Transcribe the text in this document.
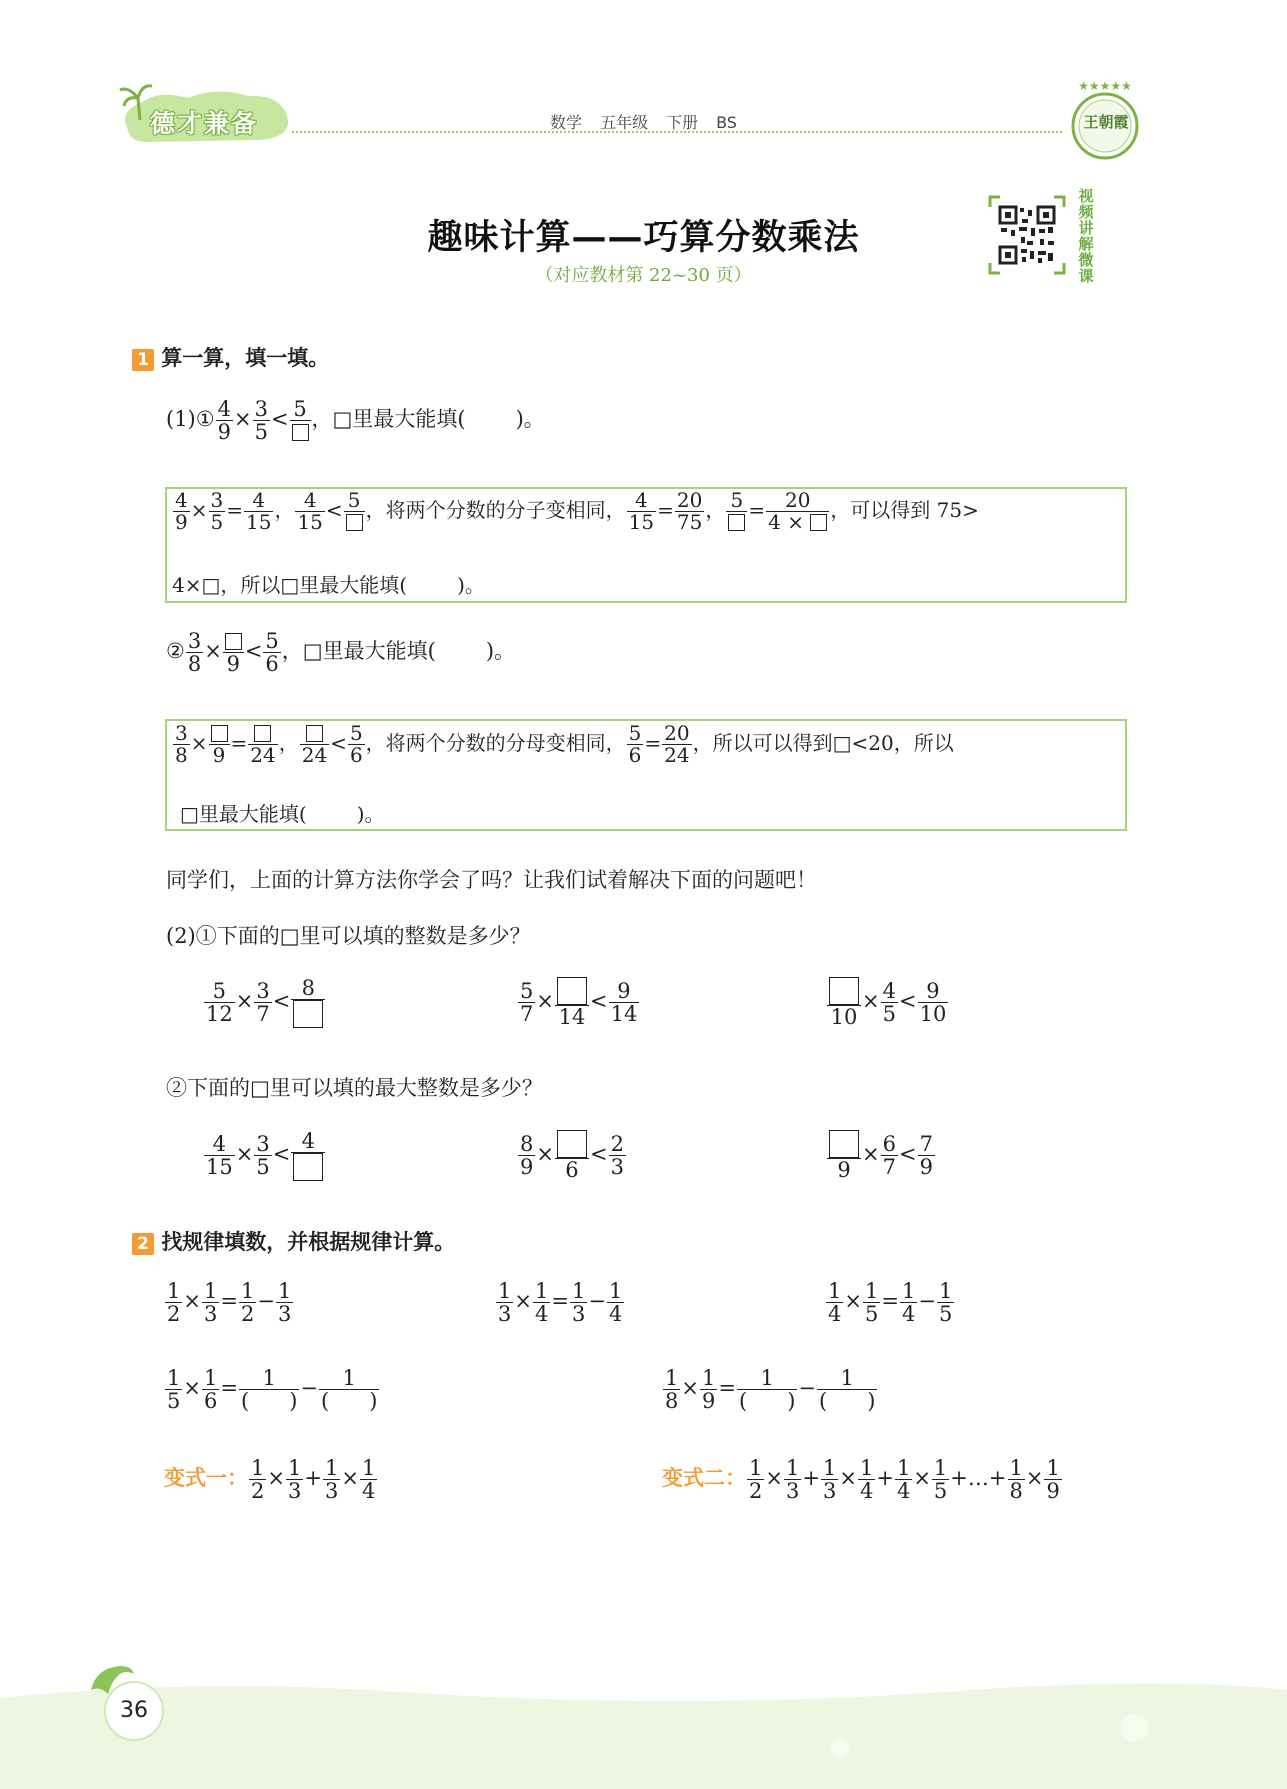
德才兼备	数学 五年级 下册 BS
★★★★★
王朝霞
趣味计算——巧算分数乘法
（对应教材第 22~30 页）
视
频
讲
解
微
课
1 算一算，填一填。
(1)① $\frac{4}{9} \times \frac{3}{5} < 5$ ，□里最大能填( )。
$\frac{4}{9} \times \frac{3}{5} = \frac{4}{15}$ ， $\frac{4}{15} < 5$ ，将两个分数的分子变相同， $\frac{4}{15} = \frac{20}{75}$ ， $5 = \frac{20}{4 \times}$ ，可以得到 75>
4×□，所以□里最大能填(	)。
② $\frac{3}{8}$ ×
9
< $\frac{5}{6}$ ，□里最大能填( )。
$\frac{3}{8} \times 9 = 24$ ， $24 < \frac{5}{6}$ ，将两个分数的分母变相同， $\frac{5}{6} = \frac{20}{24}$ ，所以可以得到□<20，所以
□里最大能填(	)。
同学们，上面的计算方法你学会了吗？让我们试着解决下面的问题吧！
(2)①下面的□里可以填的整数是多少？
$\frac{5}{12} \times \frac{3}{7}$ <
8	$\frac{5}{7}$ ×
14
< $\frac{9}{14}$	10
× $\frac{4}{5} < \frac{9}{10}$
②下面的□里可以填的最大整数是多少？
$\frac{4}{15} \times \frac{3}{5}$ <
4	$\frac{8}{9}$ ×
6
< $\frac{2}{3}$	9
× $\frac{6}{7} < \frac{7}{9}$
2 找规律填数，并根据规律计算。
$\frac{1}{2} \times \frac{1}{3} = \frac{1}{2} - \frac{1}{3}$	$\frac{1}{3} \times \frac{1}{4} = \frac{1}{3} - \frac{1}{4}$	$\frac{1}{4} \times \frac{1}{5} = \frac{1}{4} - \frac{1}{5}$
$\frac{1}{5} \times \frac{1}{6} = \frac{1}{( )} - \frac{1}{( )}$	$\frac{1}{8} \times \frac{1}{9} = \frac{1}{( )} - \frac{1}{( )}$
变式一： $\frac{1}{2} \times \frac{1}{3} + \frac{1}{3} \times \frac{1}{4}$	变式二： $\frac{1}{2} \times \frac{1}{3} + \frac{1}{3} \times \frac{1}{4} + \frac{1}{4} \times \frac{1}{5}$ +…+ $\frac{1}{8} \times \frac{1}{9}$
36
